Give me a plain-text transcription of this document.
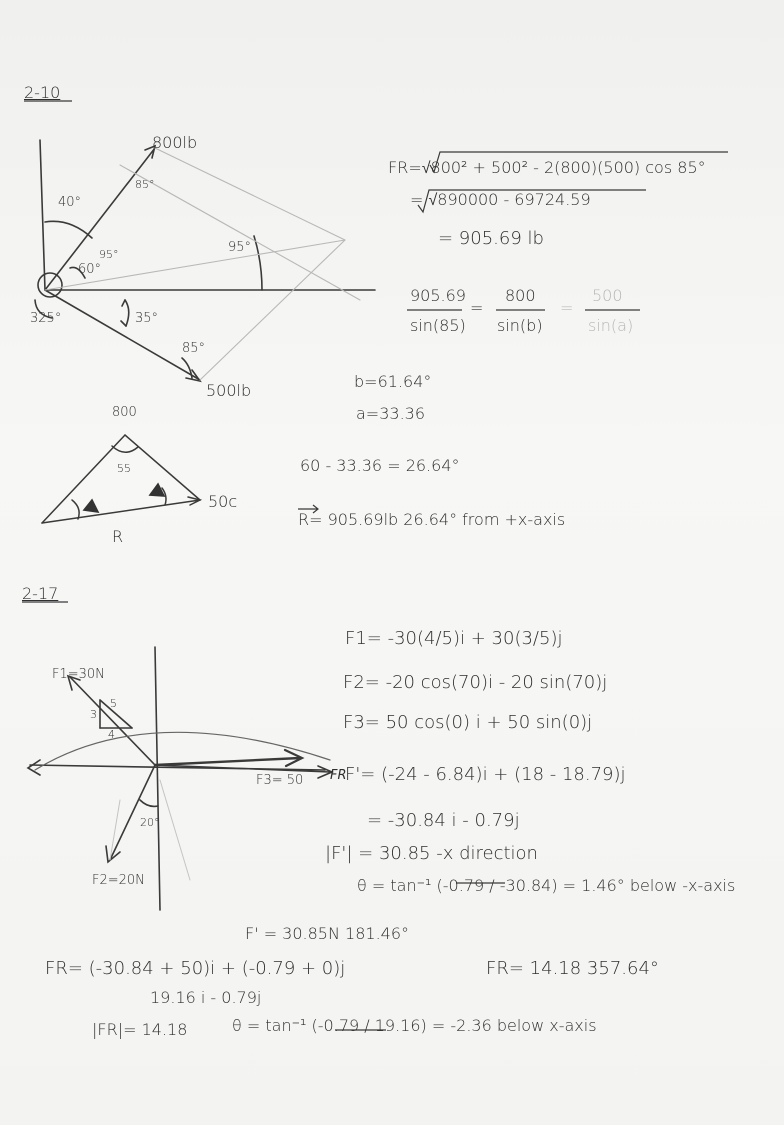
2-10
800lb
40°
60°
95°	95°
85°
35°
325°
85°
500lb
800
55
50c
R
FR=√800² + 500² - 2(800)(500) cos 85°
= √890000 - 69724.59
= 905.69 lb
905.69
sin(85)
=
800
sin(b)
=
500
sin(a)
b=61.64°
a=33.36
60 - 33.36 = 26.64°
R= 905.69lb 26.64° from +x-axis
2-17
F1=30N
5
3
4
F3= 50 FR
20°
F2=20N
F1= -30(4/5)i + 30(3/5)j
F2= -20 cos(70)i - 20 sin(70)j
F3= 50 cos(0) i + 50 sin(0)j
F'= (-24 - 6.84)i + (18 - 18.79)j
= -30.84 i - 0.79j
|F'| = 30.85 -x direction
θ = tan⁻¹ (-0.79 / -30.84) = 1.46° below -x-axis
F' = 30.85N 181.46°
FR= (-30.84 + 50)i + (-0.79 + 0)j	FR= 14.18 357.64°
19.16 i - 0.79j
|FR|= 14.18	θ = tan⁻¹ (-0.79 / 19.16) = -2.36 below x-axis
